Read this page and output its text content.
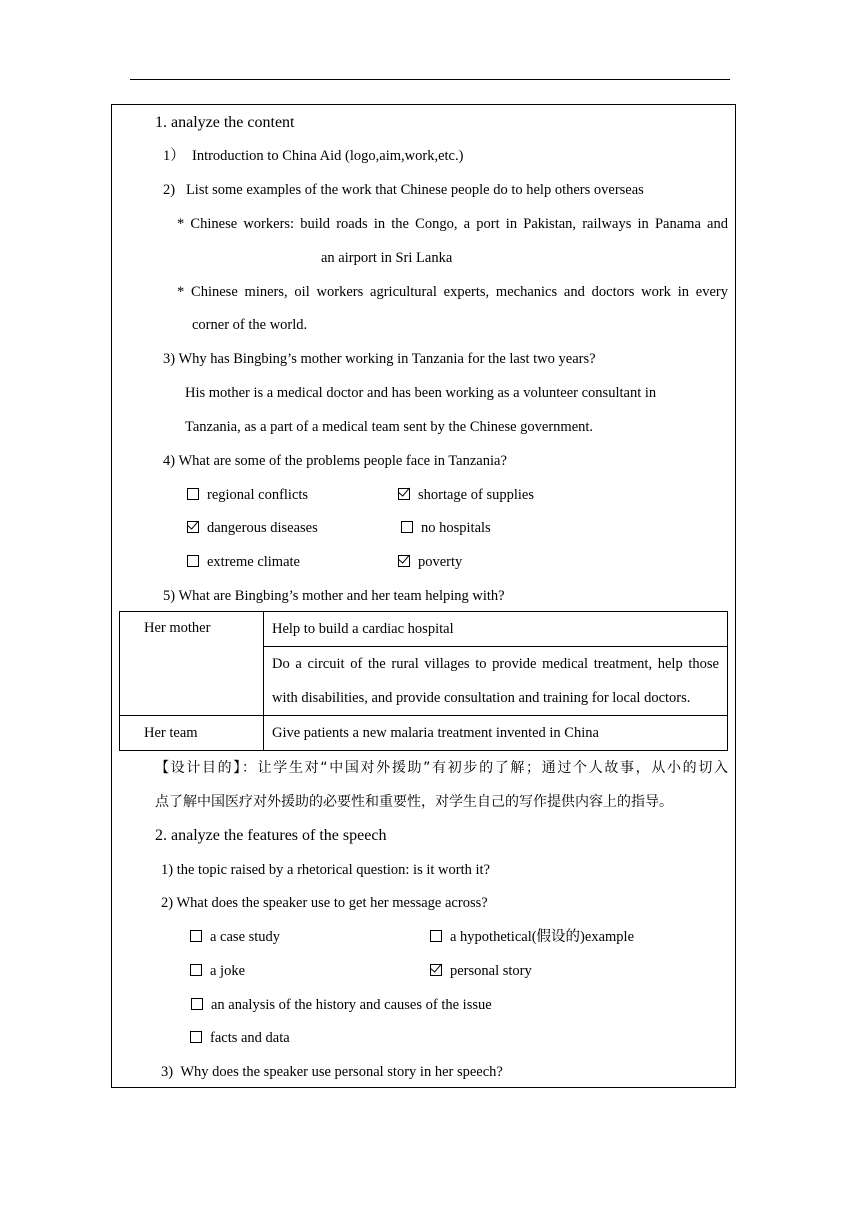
1. analyze the content
1） Introduction to China Aid (logo,aim,work,etc.)
2)   List some examples of the work that Chinese people do to help others overseas
* Chinese workers: build roads in the Congo, a port in Pakistan, railways in Panama and
an airport in Sri Lanka
* Chinese miners, oil workers agricultural experts, mechanics and doctors work in every
corner of the world.
3) Why has Bingbing’s mother working in Tanzania for the last two years?
His mother is a medical doctor and has been working as a volunteer consultant in
Tanzania, as a part of a medical team sent by the Chinese government.
4) What are some of the problems people face in Tanzania?
regional conflicts	shortage of supplies
dangerous diseases	no hospitals
extreme climate	poverty
5) What are Bingbing’s mother and her team helping with?
Her mother	Help to build a cardiac hospital
	Do a circuit of the rural villages to provide medical treatment, help those with disabilities, and provide consultation and training for local doctors.
Her team	Give patients a new malaria treatment invented in China
【设计目的】：让学生对“中国对外援助”有初步的了解；通过个人故事，从小的切入
点了解中国医疗对外援助的必要性和重要性，对学生自己的写作提供内容上的指导。
2. analyze the features of the speech
1) the topic raised by a rhetorical question: is it worth it?
2) What does the speaker use to get her message across?
a case study	a hypothetical(假设的)example
a joke	personal story
an analysis of the history and causes of the issue
facts and data
3)  Why does the speaker use personal story in her speech?
